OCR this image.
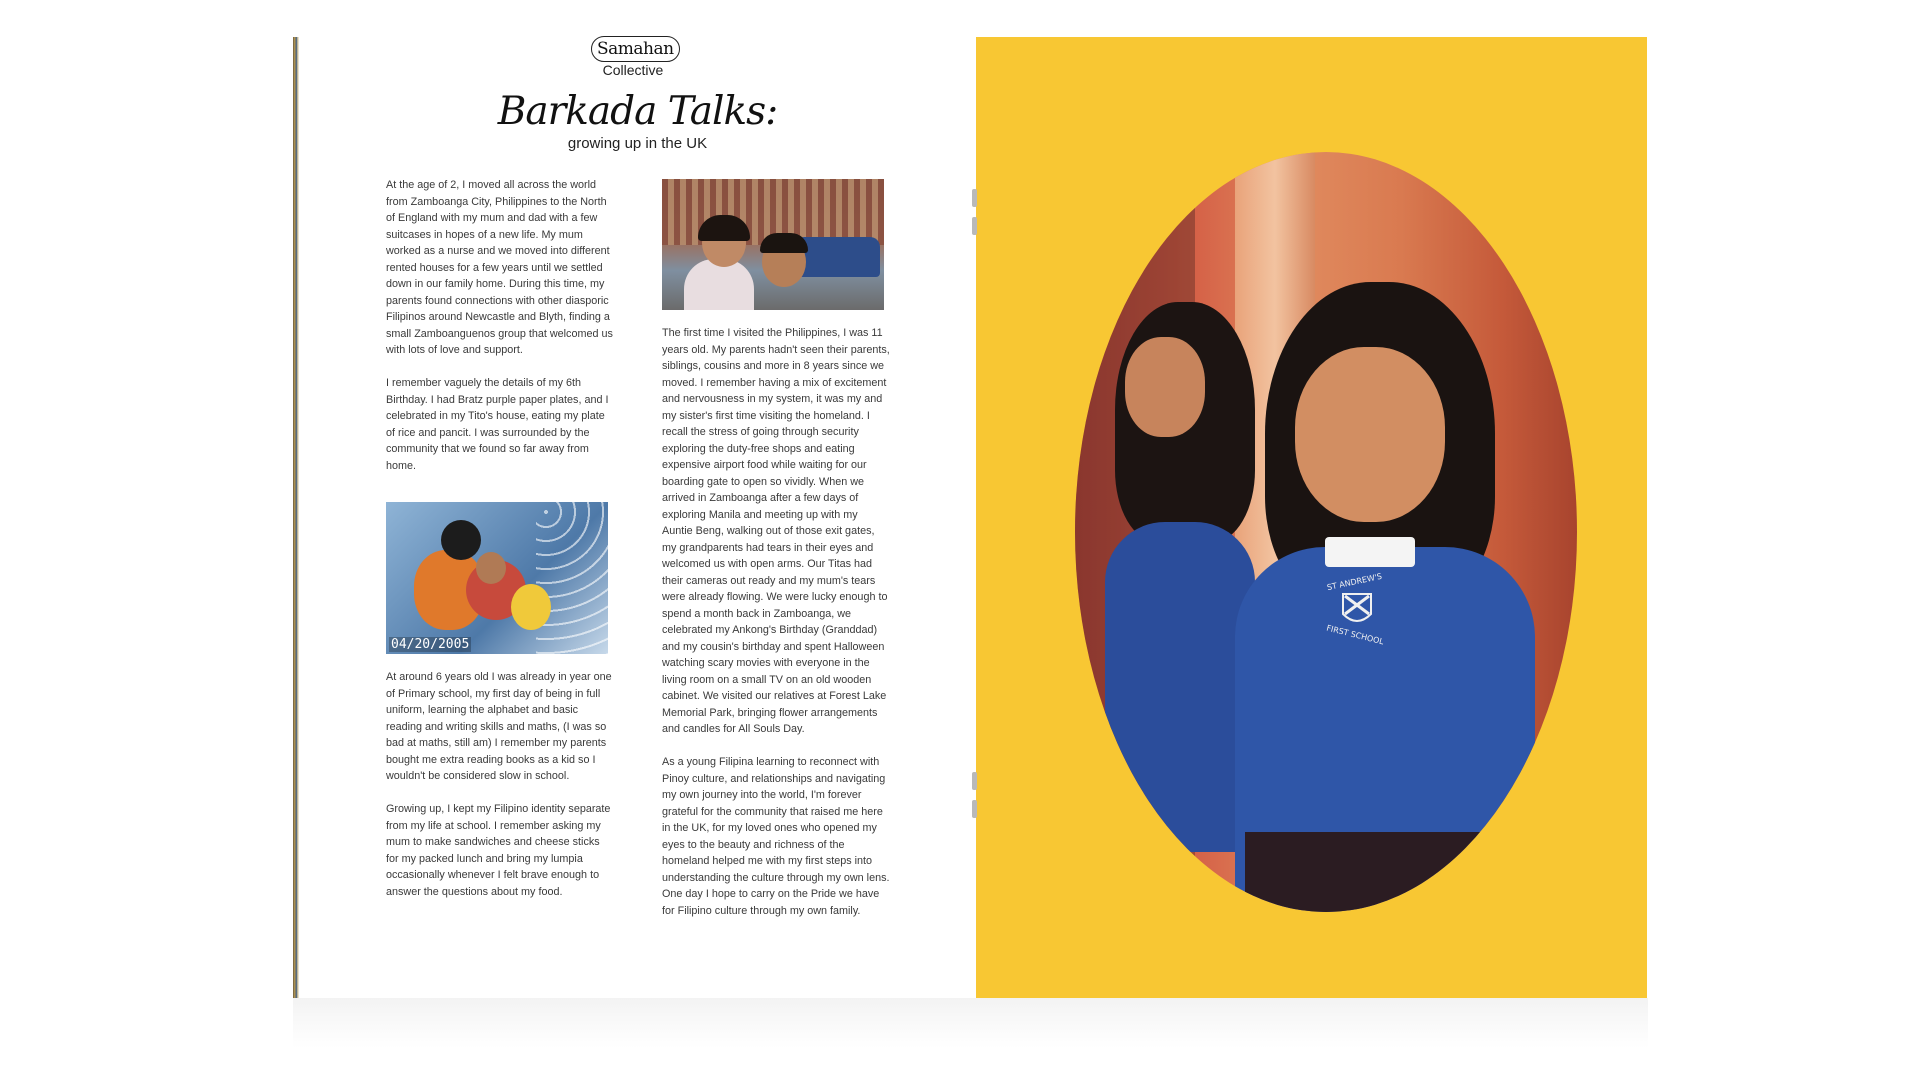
Samahan
Collective
Barkada Talks:
growing up in the UK

At the age of 2, I moved all across the world from Zamboanga City, Philippines to the North of England with my mum and dad with a few suitcases in hopes of a new life. My mum worked as a nurse and we moved into different rented houses for a few years until we settled down in our family home. During this time, my parents found connections with other diasporic Filipinos around Newcastle and Blyth, finding a small Zamboanguenos group that welcomed us with lots of love and support.

I remember vaguely the details of my 6th Birthday. I had Bratz purple paper plates, and I celebrated in my Tito's house, eating my plate of rice and pancit. I was surrounded by the community that we found so far away from home.

04/20/2005

At around 6 years old I was already in year one of Primary school, my first day of being in full uniform, learning the alphabet and basic reading and writing skills and maths, (I was so bad at maths, still am) I remember my parents bought me extra reading books as a kid so I wouldn't be considered slow in school.

Growing up, I kept my Filipino identity separate from my life at school. I remember asking my mum to make sandwiches and cheese sticks for my packed lunch and bring my lumpia occasionally whenever I felt brave enough to answer the questions about my food.

The first time I visited the Philippines, I was 11 years old. My parents hadn't seen their parents, siblings, cousins and more in 8 years since we moved. I remember having a mix of excitement and nervousness in my system, it was my and my sister's first time visiting the homeland. I recall the stress of going through security exploring the duty-free shops and eating expensive airport food while waiting for our boarding gate to open so vividly. When we arrived in Zamboanga after a few days of exploring Manila and meeting up with my Auntie Beng, walking out of those exit gates, my grandparents had tears in their eyes and welcomed us with open arms. Our Titas had their cameras out ready and my mum's tears were already flowing. We were lucky enough to spend a month back in Zamboanga, we celebrated my Ankong's Birthday (Granddad) and my cousin's birthday and spent Halloween watching scary movies with everyone in the living room on a small TV on an old wooden cabinet. We visited our relatives at Forest Lake Memorial Park, bringing flower arrangements and candles for All Souls Day.

As a young Filipina learning to reconnect with Pinoy culture, and relationships and navigating my own journey into the world, I'm forever grateful for the community that raised me here in the UK, for my loved ones who opened my eyes to the beauty and richness of the homeland helped me with my first steps into understanding the culture through my own lens. One day I hope to carry on the Pride we have for Filipino culture through my own family.

ST ANDREW'S
FIRST SCHOOL
